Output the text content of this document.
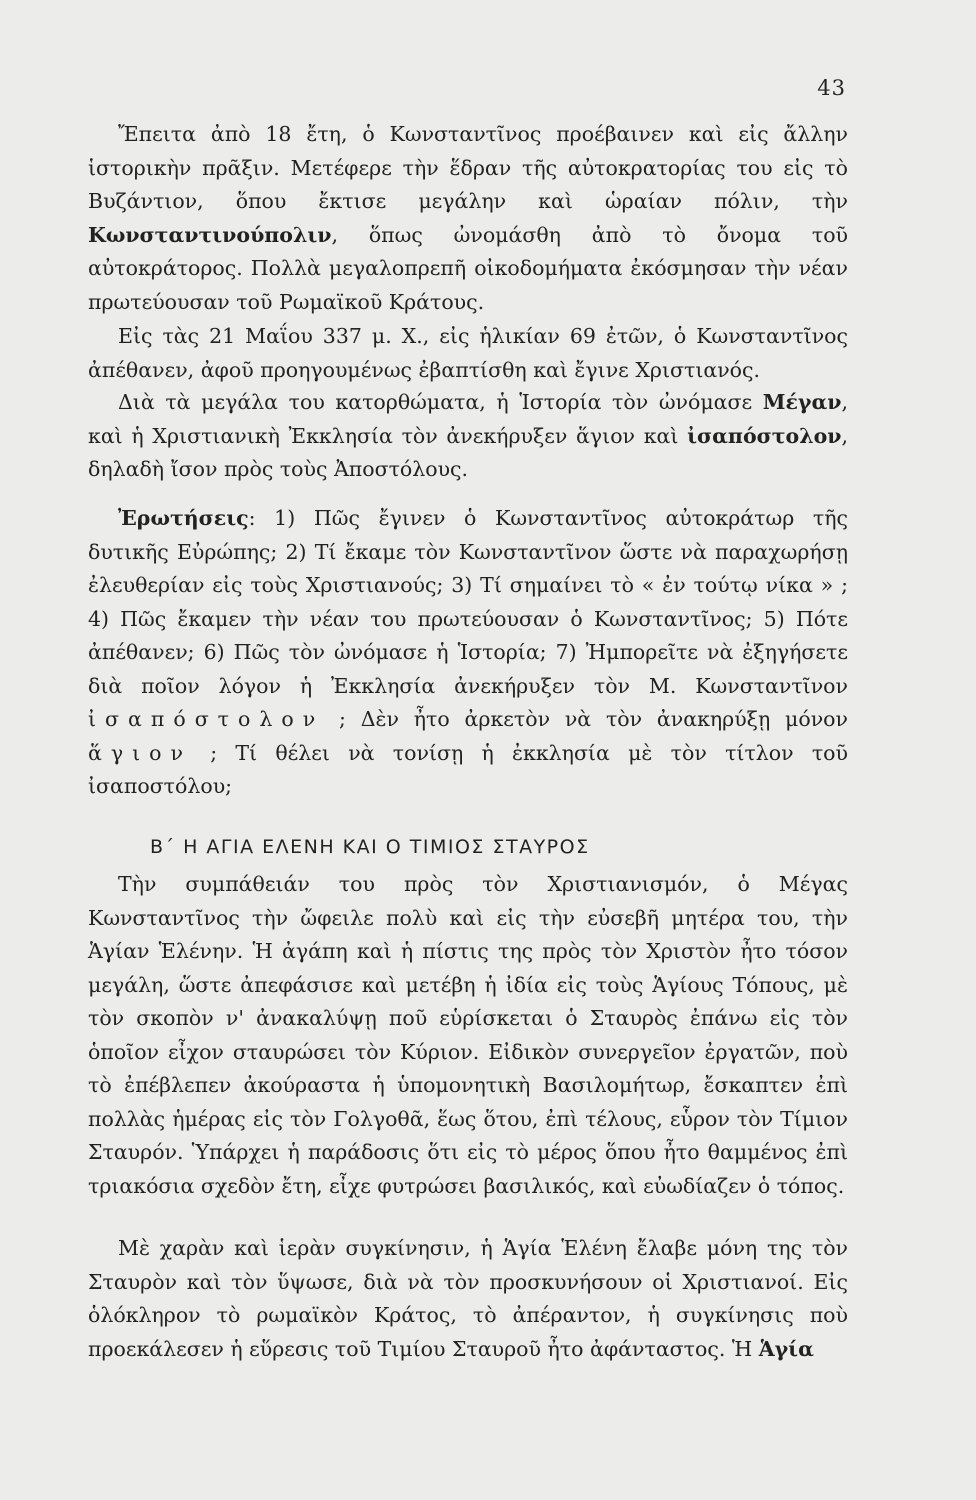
43

Ἔπειτα ἀπὸ 18 ἔτη, ὁ Κωνσταντῖνος προέβαινεν καὶ εἰς ἄλλην ἱστορικὴν πρᾶξιν. Μετέφερε τὴν ἕδραν τῆς αὐτοκρατορίας του εἰς τὸ Βυζάντιον, ὅπου ἔκτισε μεγάλην καὶ ὡραίαν πόλιν, τὴν Κωνσταντινούπολιν, ὅπως ὠνομάσθη ἀπὸ τὸ ὄνομα τοῦ αὐτοκράτορος. Πολλὰ μεγαλοπρεπῆ οἰκοδομήματα ἐκόσμησαν τὴν νέαν πρωτεύουσαν τοῦ Ρωμαϊκοῦ Κράτους.

Εἰς τὰς 21 Μαΐου 337 μ. Χ., εἰς ἡλικίαν 69 ἐτῶν, ὁ Κωνσταντῖνος ἀπέθανεν, ἀφοῦ προηγουμένως ἐβαπτίσθη καὶ ἔγινε Χριστιανός.

Διὰ τὰ μεγάλα του κατορθώματα, ἡ Ἱστορία τὸν ὠνόμασε Μέγαν, καὶ ἡ Χριστιανικὴ Ἐκκλησία τὸν ἀνεκήρυξεν ἅγιον καὶ ἰσαπόστολον, δηλαδὴ ἴσον πρὸς τοὺς Ἀποστόλους.

Ἐρωτήσεις: 1) Πῶς ἔγινεν ὁ Κωνσταντῖνος αὐτοκράτωρ τῆς δυτικῆς Εὐρώπης; 2) Τί ἔκαμε τὸν Κωνσταντῖνον ὥστε νὰ παραχωρήσῃ ἐλευθερίαν εἰς τοὺς Χριστιανούς; 3) Τί σημαίνει τὸ « ἐν τούτῳ νίκα » ; 4) Πῶς ἔκαμεν τὴν νέαν του πρωτεύουσαν ὁ Κωνσταντῖνος; 5) Πότε ἀπέθανεν; 6) Πῶς τὸν ὠνόμασε ἡ Ἱστορία; 7) Ἠμπορεῖτε νὰ ἐξηγήσετε διὰ ποῖον λόγον ἡ Ἐκκλησία ἀνεκήρυξεν τὸν Μ. Κωνσταντῖνον ἰσαπόστολον ; Δὲν ἦτο ἀρκετὸν νὰ τὸν ἀνακηρύξῃ μόνον ἅγιον ; Τί θέλει νὰ τονίσῃ ἡ ἐκκλησία μὲ τὸν τίτλον τοῦ ἰσαποστόλου;

Β΄ Η ΑΓΙΑ ΕΛΕΝΗ ΚΑΙ Ο ΤΙΜΙΟΣ ΣΤΑΥΡΟΣ

Τὴν συμπάθειάν του πρὸς τὸν Χριστιανισμόν, ὁ Μέγας Κωνσταντῖνος τὴν ὤφειλε πολὺ καὶ εἰς τὴν εὐσεβῆ μητέρα του, τὴν Ἁγίαν Ἑλένην. Ἡ ἀγάπη καὶ ἡ πίστις της πρὸς τὸν Χριστὸν ἦτο τόσον μεγάλη, ὥστε ἀπεφάσισε καὶ μετέβη ἡ ἰδία εἰς τοὺς Ἁγίους Τόπους, μὲ τὸν σκοπὸν ν' ἀνακαλύψῃ ποῦ εὑρίσκεται ὁ Σταυρὸς ἐπάνω εἰς τὸν ὁποῖον εἶχον σταυρώσει τὸν Κύριον. Εἰδικὸν συνεργεῖον ἐργατῶν, ποὺ τὸ ἐπέβλεπεν ἀκούραστα ἡ ὑπομονητικὴ Βασιλομήτωρ, ἔσκαπτεν ἐπὶ πολλὰς ἡμέρας εἰς τὸν Γολγοθᾶ, ἕως ὅτου, ἐπὶ τέλους, εὗρον τὸν Τίμιον Σταυρόν. Ὑπάρχει ἡ παράδοσις ὅτι εἰς τὸ μέρος ὅπου ἦτο θαμμένος ἐπὶ τριακόσια σχεδὸν ἔτη, εἶχε φυτρώσει βασιλικός, καὶ εὐωδίαζεν ὁ τόπος.

Μὲ χαρὰν καὶ ἱερὰν συγκίνησιν, ἡ Ἁγία Ἑλένη ἔλαβε μόνη της τὸν Σταυρὸν καὶ τὸν ὕψωσε, διὰ νὰ τὸν προσκυνήσουν οἱ Χριστιανοί. Εἰς ὁλόκληρον τὸ ρωμαϊκὸν Κράτος, τὸ ἀπέραντον, ἡ συγκίνησις ποὺ προεκάλεσεν ἡ εὕρεσις τοῦ Τιμίου Σταυροῦ ἦτο ἀφάνταστος. Ἡ Ἁγία
